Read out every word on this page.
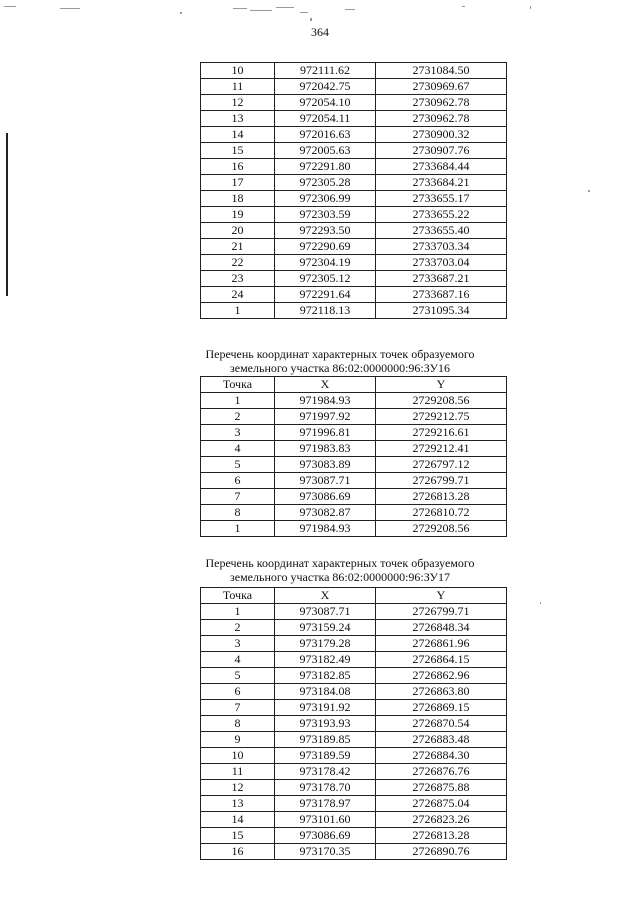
364
10	972111.62	2731084.50
11	972042.75	2730969.67
12	972054.10	2730962.78
13	972054.11	2730962.78
14	972016.63	2730900.32
15	972005.63	2730907.76
16	972291.80	2733684.44
17	972305.28	2733684.21
18	972306.99	2733655.17
19	972303.59	2733655.22
20	972293.50	2733655.40
21	972290.69	2733703.34
22	972304.19	2733703.04
23	972305.12	2733687.21
24	972291.64	2733687.16
1	972118.13	2731095.34
Перечень координат характерных точек образуемого
земельного участка 86:02:0000000:96:ЗУ16
Точка	X	Y
1	971984.93	2729208.56
2	971997.92	2729212.75
3	971996.81	2729216.61
4	971983.83	2729212.41
5	973083.89	2726797.12
6	973087.71	2726799.71
7	973086.69	2726813.28
8	973082.87	2726810.72
1	971984.93	2729208.56
Перечень координат характерных точек образуемого
земельного участка 86:02:0000000:96:ЗУ17
Точка	X	Y
1	973087.71	2726799.71
2	973159.24	2726848.34
3	973179.28	2726861.96
4	973182.49	2726864.15
5	973182.85	2726862.96
6	973184.08	2726863.80
7	973191.92	2726869.15
8	973193.93	2726870.54
9	973189.85	2726883.48
10	973189.59	2726884.30
11	973178.42	2726876.76
12	973178.70	2726875.88
13	973178.97	2726875.04
14	973101.60	2726823.26
15	973086.69	2726813.28
16	973170.35	2726890.76
